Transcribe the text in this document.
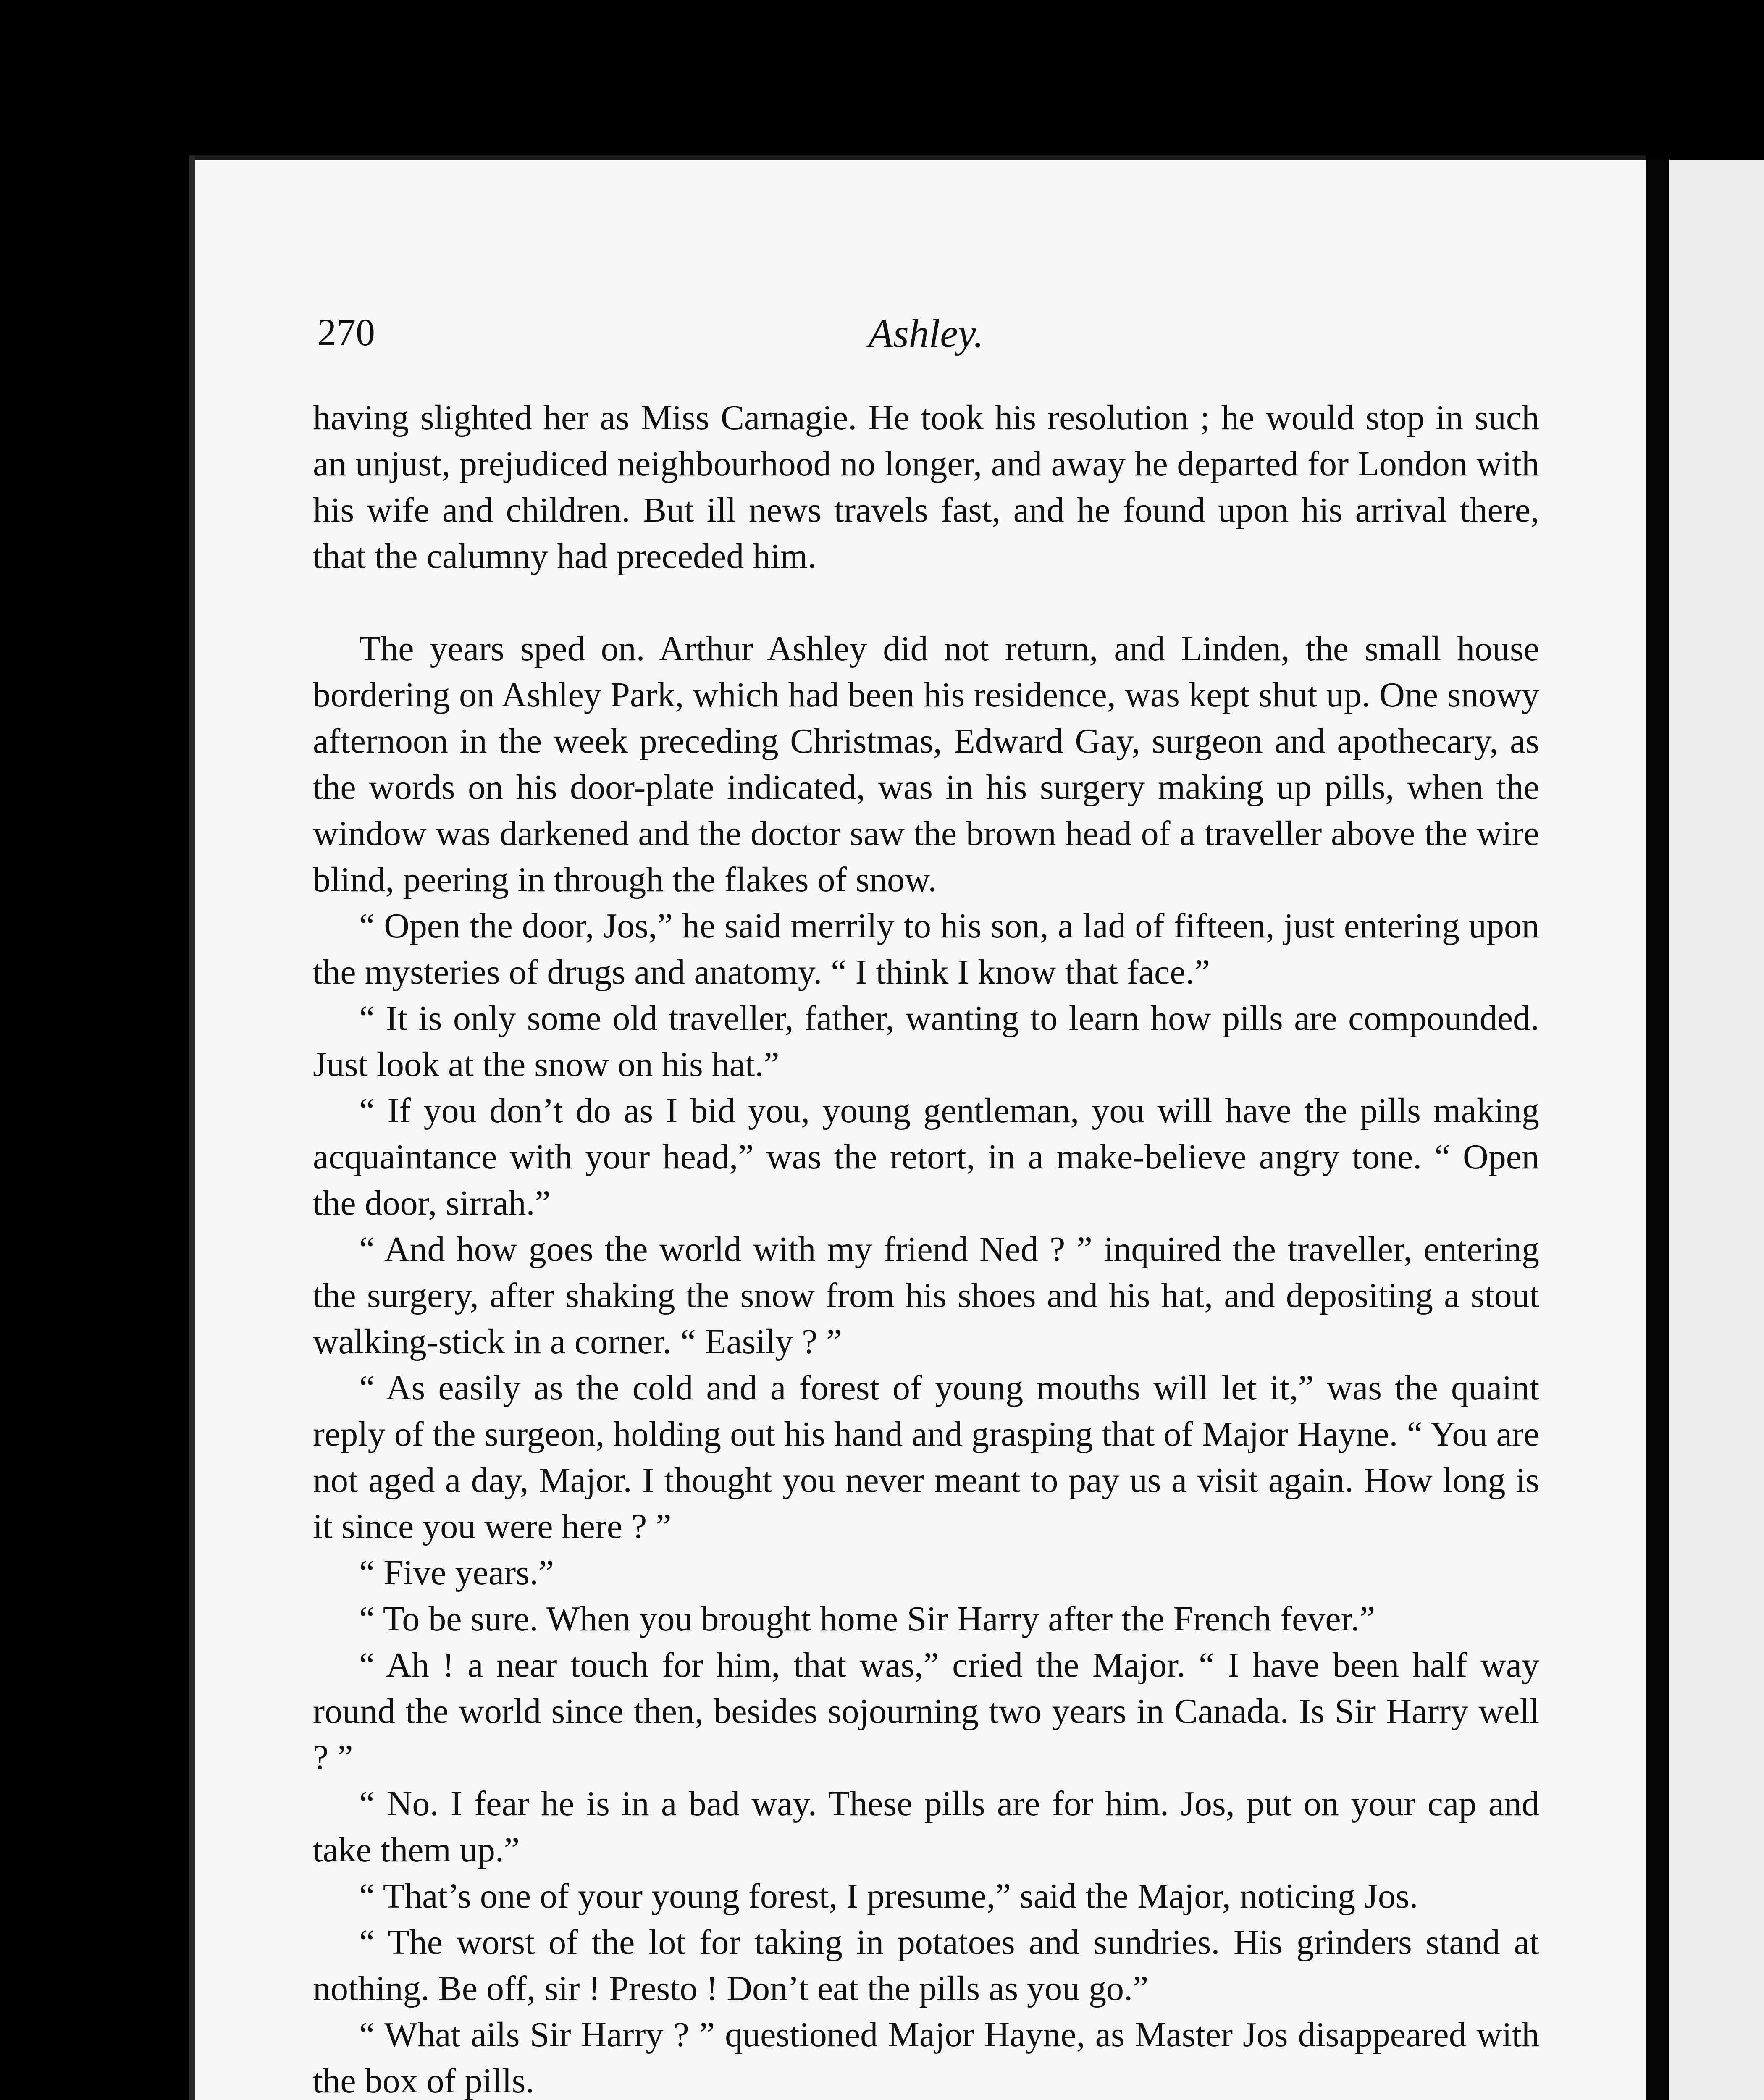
270	Ashley.

having slighted her as Miss Carnagie. He took his resolution ; he would stop in such an unjust, prejudiced neighbourhood no longer, and away he departed for London with his wife and children. But ill news travels fast, and he found upon his arrival there, that the calumny had preceded him.

The years sped on. Arthur Ashley did not return, and Linden, the small house bordering on Ashley Park, which had been his residence, was kept shut up. One snowy afternoon in the week preceding Christmas, Edward Gay, surgeon and apothecary, as the words on his door-plate indicated, was in his surgery making up pills, when the window was darkened and the doctor saw the brown head of a traveller above the wire blind, peering in through the flakes of snow.

“ Open the door, Jos,” he said merrily to his son, a lad of fifteen, just entering upon the mysteries of drugs and anatomy. “ I think I know that face.”

“ It is only some old traveller, father, wanting to learn how pills are compounded. Just look at the snow on his hat.”

“ If you don’t do as I bid you, young gentleman, you will have the pills making acquaintance with your head,” was the retort, in a make-believe angry tone. “ Open the door, sirrah.”

“ And how goes the world with my friend Ned ? ” inquired the traveller, entering the surgery, after shaking the snow from his shoes and his hat, and depositing a stout walking-stick in a corner. “ Easily ? ”

“ As easily as the cold and a forest of young mouths will let it,” was the quaint reply of the surgeon, holding out his hand and grasping that of Major Hayne. “ You are not aged a day, Major. I thought you never meant to pay us a visit again. How long is it since you were here ? ”

“ Five years.”

“ To be sure. When you brought home Sir Harry after the French fever.”

“ Ah ! a near touch for him, that was,” cried the Major. “ I have been half way round the world since then, besides sojourning two years in Canada. Is Sir Harry well ? ”

“ No. I fear he is in a bad way. These pills are for him. Jos, put on your cap and take them up.”

“ That’s one of your young forest, I presume,” said the Major, noticing Jos.

“ The worst of the lot for taking in potatoes and sundries. His grinders stand at nothing. Be off, sir ! Presto ! Don’t eat the pills as you go.”

“ What ails Sir Harry ? ” questioned Major Hayne, as Master Jos disappeared with the box of pills.
